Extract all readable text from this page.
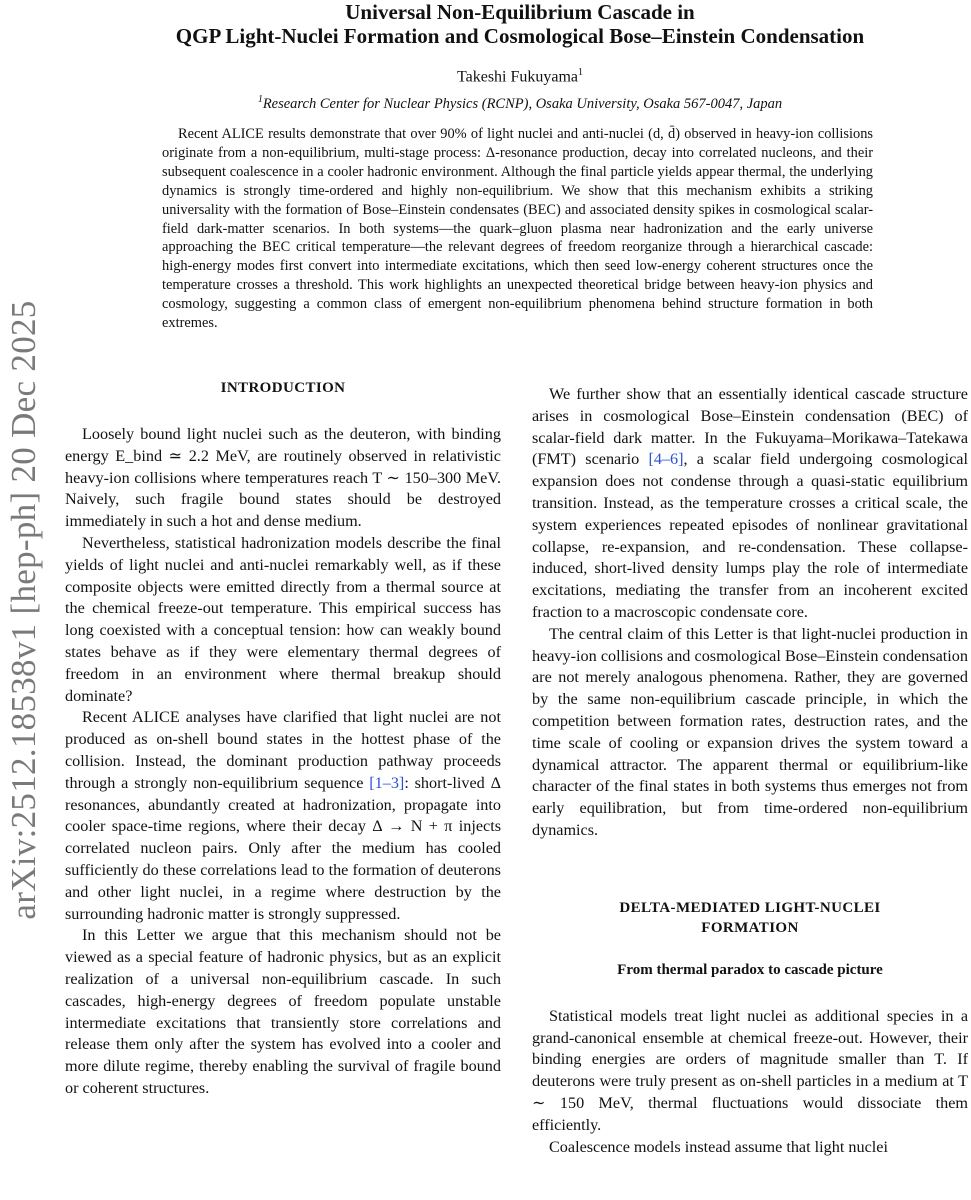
arXiv:2512.18538v1 [hep-ph] 20 Dec 2025
Universal Non-Equilibrium Cascade in
QGP Light-Nuclei Formation and Cosmological Bose–Einstein Condensation
Takeshi Fukuyama$^1$
$^1$Research Center for Nuclear Physics (RCNP), Osaka University, Osaka 567-0047, Japan

Recent ALICE results demonstrate that over 90% of light nuclei and anti-nuclei (d, d̄) observed in heavy-ion collisions originate from a non-equilibrium, multi-stage process: Δ-resonance production, decay into correlated nucleons, and their subsequent coalescence in a cooler hadronic environment. Although the final particle yields appear thermal, the underlying dynamics is strongly time-ordered and highly non-equilibrium. We show that this mechanism exhibits a striking universality with the formation of Bose–Einstein condensates (BEC) and associated density spikes in cosmological scalar-field dark-matter scenarios. In both systems—the quark–gluon plasma near hadronization and the early universe approaching the BEC critical temperature—the relevant degrees of freedom reorganize through a hierarchical cascade: high-energy modes first convert into intermediate excitations, which then seed low-energy coherent structures once the temperature crosses a threshold. This work highlights an unexpected theoretical bridge between heavy-ion physics and cosmology, suggesting a common class of emergent non-equilibrium phenomena behind structure formation in both extremes.

INTRODUCTION

Loosely bound light nuclei such as the deuteron, with binding energy E_bind ≃ 2.2 MeV, are routinely observed in relativistic heavy-ion collisions where temperatures reach T ∼ 150–300 MeV. Naively, such fragile bound states should be destroyed immediately in such a hot and dense medium.

Nevertheless, statistical hadronization models describe the final yields of light nuclei and anti-nuclei remarkably well, as if these composite objects were emitted directly from a thermal source at the chemical freeze-out temperature. This empirical success has long coexisted with a conceptual tension: how can weakly bound states behave as if they were elementary thermal degrees of freedom in an environment where thermal breakup should dominate?

Recent ALICE analyses have clarified that light nuclei are not produced as on-shell bound states in the hottest phase of the collision. Instead, the dominant production pathway proceeds through a strongly non-equilibrium sequence [1–3]: short-lived Δ resonances, abundantly created at hadronization, propagate into cooler space-time regions, where their decay Δ → N + π injects correlated nucleon pairs. Only after the medium has cooled sufficiently do these correlations lead to the formation of deuterons and other light nuclei, in a regime where destruction by the surrounding hadronic matter is strongly suppressed.

In this Letter we argue that this mechanism should not be viewed as a special feature of hadronic physics, but as an explicit realization of a universal non-equilibrium cascade. In such cascades, high-energy degrees of freedom populate unstable intermediate excitations that transiently store correlations and release them only after the system has evolved into a cooler and more dilute regime, thereby enabling the survival of fragile bound or coherent structures.

We further show that an essentially identical cascade structure arises in cosmological Bose–Einstein condensation (BEC) of scalar-field dark matter. In the Fukuyama–Morikawa–Tatekawa (FMT) scenario [4–6], a scalar field undergoing cosmological expansion does not condense through a quasi-static equilibrium transition. Instead, as the temperature crosses a critical scale, the system experiences repeated episodes of nonlinear gravitational collapse, re-expansion, and re-condensation. These collapse-induced, short-lived density lumps play the role of intermediate excitations, mediating the transfer from an incoherent excited fraction to a macroscopic condensate core.

The central claim of this Letter is that light-nuclei production in heavy-ion collisions and cosmological Bose–Einstein condensation are not merely analogous phenomena. Rather, they are governed by the same non-equilibrium cascade principle, in which the competition between formation rates, destruction rates, and the time scale of cooling or expansion drives the system toward a dynamical attractor. The apparent thermal or equilibrium-like character of the final states in both systems thus emerges not from early equilibration, but from time-ordered non-equilibrium dynamics.

DELTA-MEDIATED LIGHT-NUCLEI
FORMATION
From thermal paradox to cascade picture

Statistical models treat light nuclei as additional species in a grand-canonical ensemble at chemical freeze-out. However, their binding energies are orders of magnitude smaller than T. If deuterons were truly present as on-shell particles in a medium at T ∼ 150 MeV, thermal fluctuations would dissociate them efficiently.

Coalescence models instead assume that light nuclei
